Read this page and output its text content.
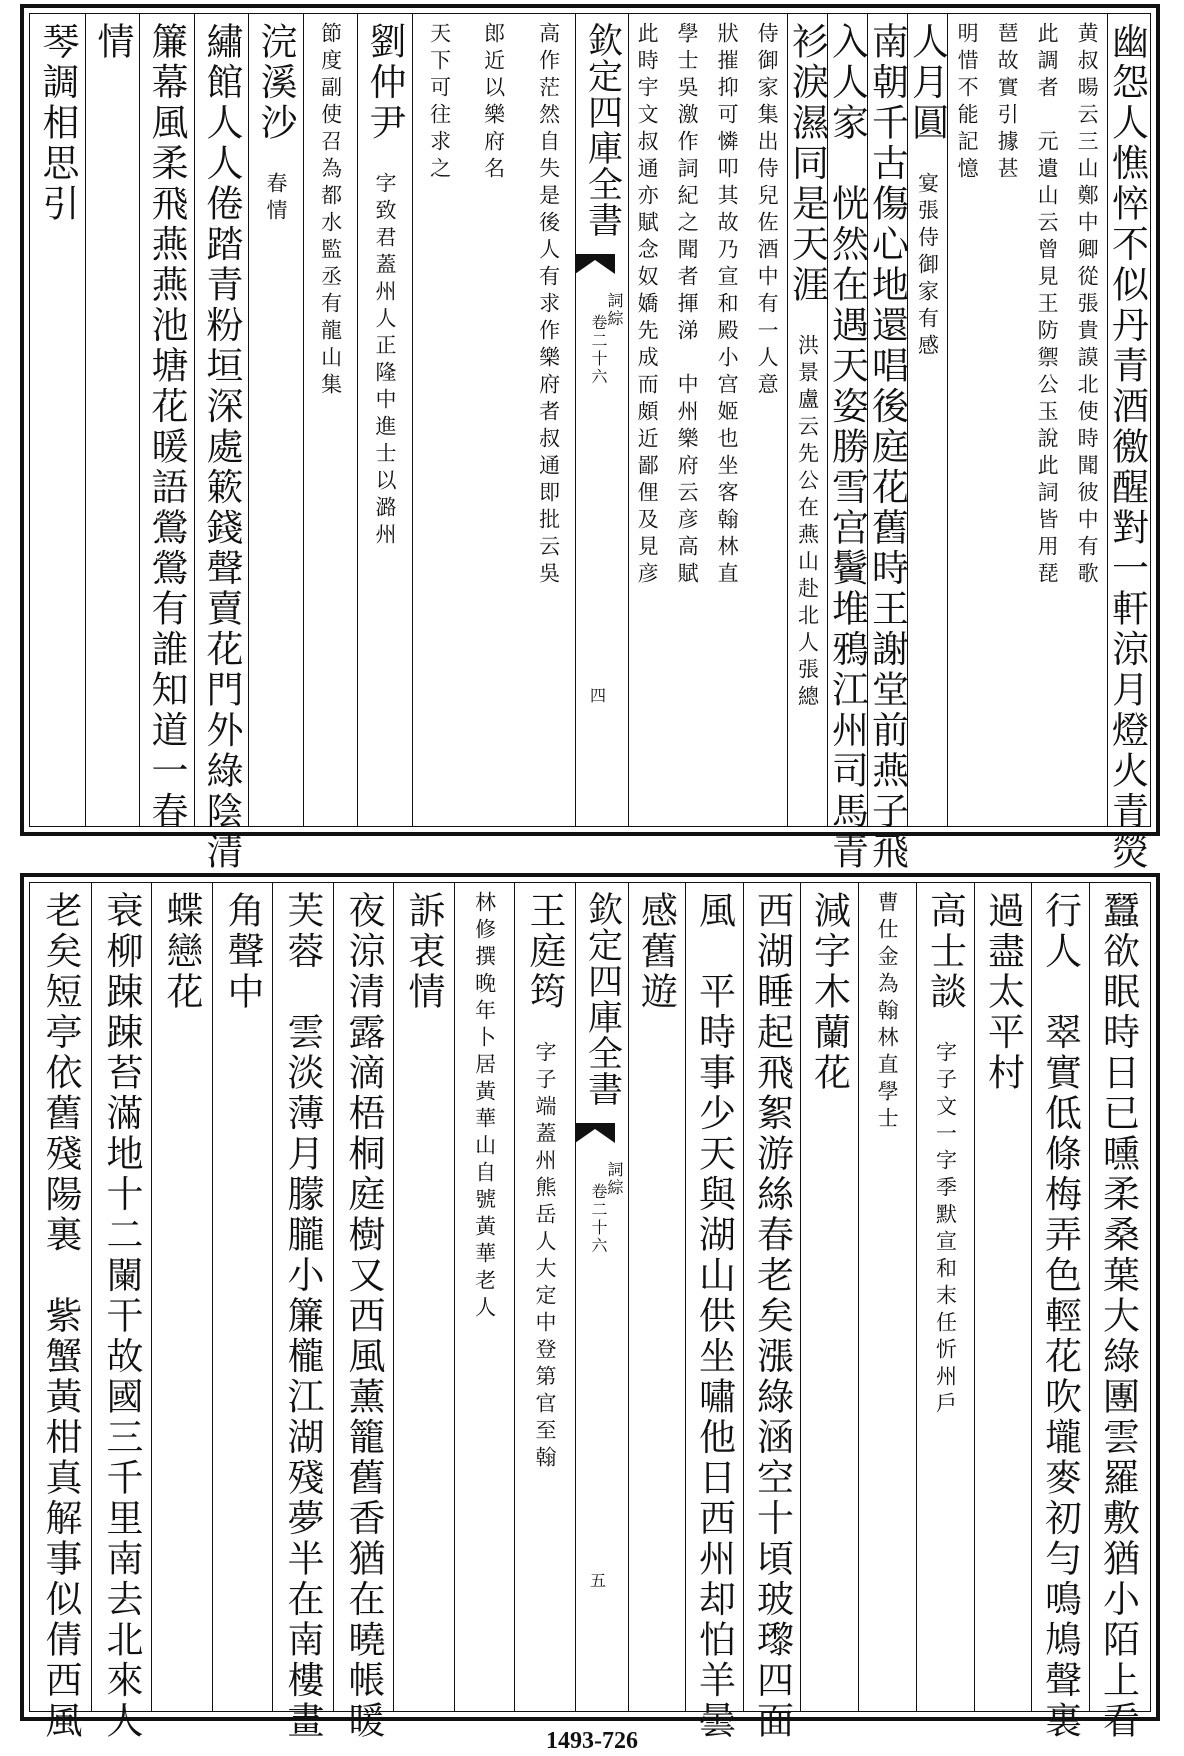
欽定四庫全書
詞綜
卷二十六
四	幽怨人憔悴不似丹青酒徼醒對一軒涼月燈火青熒
黄叔暘云三山鄭中卿從張貴謨北使時聞彼中有歌
此調者　元遺山云曾見王防禦公玉說此詞皆用琵
琶故實引據甚
明惜不能記憶
人月圓
宴張侍御家有感
南朝千古傷心地還唱後庭花舊時王謝堂前燕子飛
入人家　恍然在遇天姿勝雪宫鬢堆鴉江州司馬青
衫淚濕同是天涯
洪景盧云先公在燕山赴北人張總
侍御家集出侍兒佐酒中有一人意
狀摧抑可憐叩其故乃宣和殿小宫姬也坐客翰林直
學士吳激作詞紀之聞者揮涕　中州樂府云彦高賦
此時宇文叔通亦賦念奴嬌先成而頗近鄙俚及見彦
高作茫然自失是後人有求作樂府者叔通即批云吳
郎近以樂府名
天下可往求之
劉仲尹
字致君蓋州人正隆中進士以潞州
節度副使召為都水監丞有龍山集
浣溪沙
春情
繡館人人倦踏青粉垣深處簌錢聲賣花門外綠陰清
簾幕風柔飛燕燕池塘花暖語鶯鶯有誰知道一春
情
琴調相思引
欽定四庫全書
詞綜
卷二十六
五	蠶欲眠時日已曛柔桑葉大綠團雲羅敷猶小陌上看
行人　翠實低條梅弄色輕花吹壠麥初勻鳴鳩聲裏
過盡太平村
高士談
字子文一字季默宣和末任忻州戶
曹仕金為翰林直學士
減字木蘭花
西湖睡起飛絮游絲春老矣漲綠涵空十頃玻瓈四面
風　平時事少天與湖山供坐嘯他日西州却怕羊曇
感舊遊
王庭筠
字子端蓋州熊岳人大定中登第官至翰
林修撰晚年卜居黃華山自號黃華老人
訴衷情
夜涼清露滴梧桐庭樹又西風薰籠舊香猶在曉帳暖
芙蓉　雲淡薄月朦朧小簾櫳江湖殘夢半在南樓畫
角聲中
蝶戀花
衰柳踈踈苔滿地十二闌干故國三千里南去北來人
老矣短亭依舊殘陽裏　紫蟹黃柑真解事似倩西風	1493-726
